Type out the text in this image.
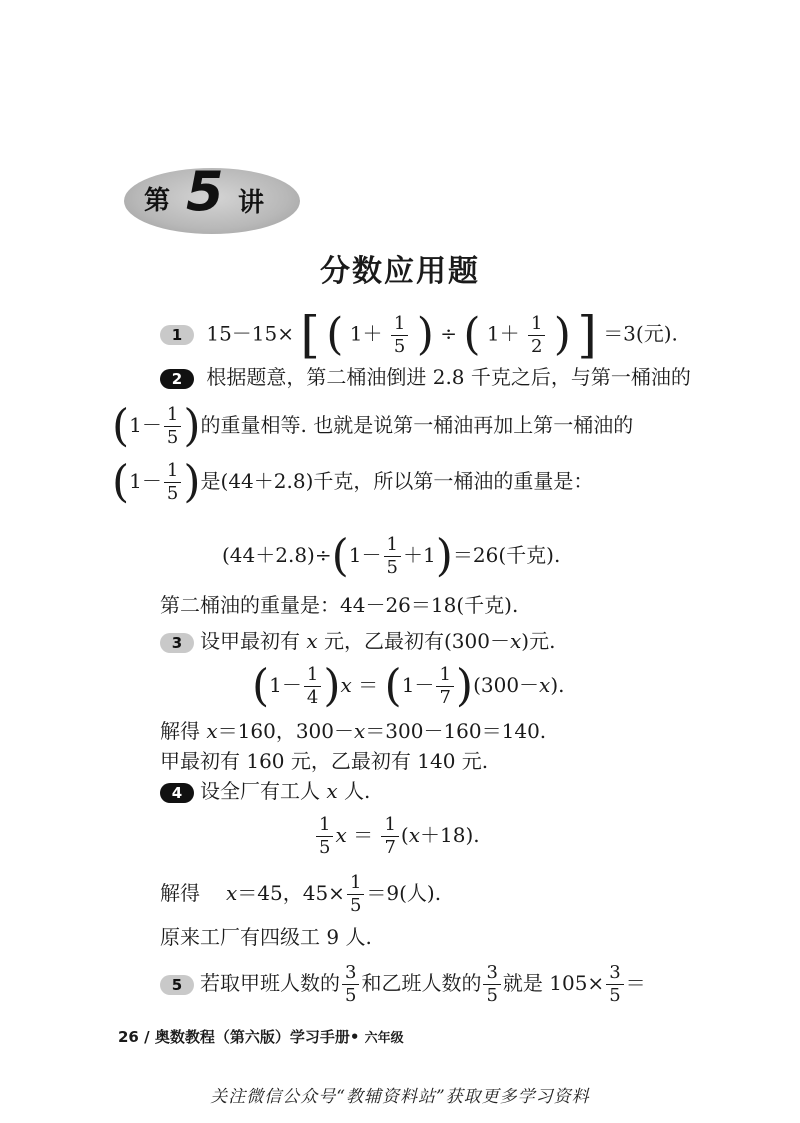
第 5 讲
分数应用题
1 15－15× [ ( $1+ \frac{1}{5}$ ) ÷ ( $1+ \frac{1}{2}$ ) ] ＝3(元).
2 根据题意，第二桶油倒进 2.8 千克之后，与第一桶油的
($1- \frac{1}{5}$ )的重量相等. 也就是说第一桶油再加上第一桶油的
($1- \frac{1}{5}$ )是(44＋2.8)千克，所以第一桶油的重量是：
$(44+2.8)\div(1- \frac{1}{5} +1)=26$(千克).
第二桶油的重量是：44－26＝18(千克).
3 设甲最初有 x 元，乙最初有(300－x)元.
$(1- \frac{1}{4} )x = (1- \frac{1}{7} )(300-x)$.
解得 x＝160，300－x＝300－160＝140.
甲最初有 160 元，乙最初有 140 元.
4 设全厂有工人 x 人.
$\frac{1}{5}$ $x = \frac{1}{7} (x+18)$.
解得 x＝45，$45\times \frac{1}{5} =9$(人).
原来工厂有四级工 9 人.
5 若取甲班人数的 $\frac{3}{5}$ 和乙班人数的 $\frac{3}{5}$ 就是 $105\times \frac{3}{5}$ ＝
26 / 奥数教程（第六版）学习手册• 六年级
关注微信公众号“教辅资料站”获取更多学习资料
